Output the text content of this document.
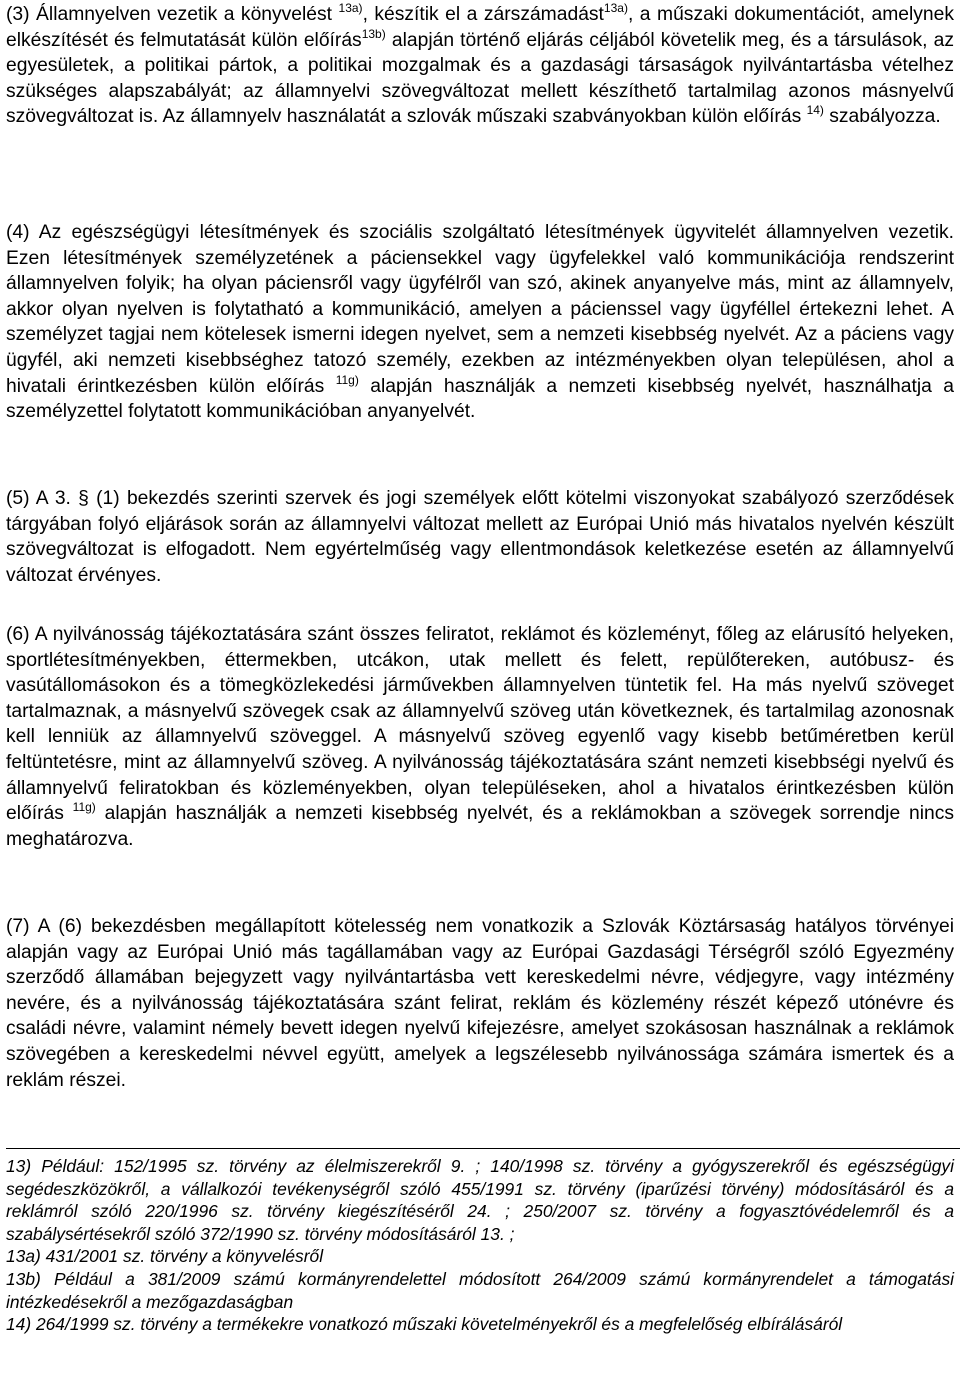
(3) Államnyelven vezetik a könyvelést $^{13a)}$, készítik el a zárszámadást$^{13a)}$, a műszaki dokumentációt, amelynek elkészítését és felmutatását külön előírás$^{13b)}$ alapján történő eljárás céljából követelik meg, és a társulások, az egyesületek, a politikai pártok, a politikai mozgalmak és a gazdasági társaságok nyilvántartásba vételhez szükséges alapszabályát; az államnyelvi szövegváltozat mellett készíthető tartalmilag azonos másnyelvű szövegváltozat is. Az államnyelv használatát a szlovák műszaki szabványokban külön előírás $^{14)}$ szabályozza.

(4) Az egészségügyi létesítmények és szociális szolgáltató létesítmények ügyvitelét államnyelven vezetik. Ezen létesítmények személyzetének a páciensekkel vagy ügyfelekkel való kommunikációja rendszerint államnyelven folyik; ha olyan páciensről vagy ügyfélről van szó, akinek anyanyelve más, mint az államnyelv, akkor olyan nyelven is folytatható a kommunikáció, amelyen a pácienssel vagy ügyféllel értekezni lehet. A személyzet tagjai nem kötelesek ismerni idegen nyelvet, sem a nemzeti kisebbség nyelvét. Az a páciens vagy ügyfél, aki nemzeti kisebbséghez tatozó személy, ezekben az intézményekben olyan településen, ahol a hivatali érintkezésben külön előírás $^{11g)}$ alapján használják a nemzeti kisebbség nyelvét, használhatja a személyzettel folytatott kommunikációban anyanyelvét.

(5) A 3. § (1) bekezdés szerinti szervek és jogi személyek előtt kötelmi viszonyokat szabályozó szerződések tárgyában folyó eljárások során az államnyelvi változat mellett az Európai Unió más hivatalos nyelvén készült szövegváltozat is elfogadott. Nem egyértelműség vagy ellentmondások keletkezése esetén az államnyelvű változat érvényes.

(6) A nyilvánosság tájékoztatására szánt összes feliratot, reklámot és közleményt, főleg az elárusító helyeken, sportlétesítményekben, éttermekben, utcákon, utak mellett és felett, repülőtereken, autóbusz- és vasútállomásokon és a tömegközlekedési járművekben államnyelven tüntetik fel. Ha más nyelvű szöveget tartalmaznak, a másnyelvű szövegek csak az államnyelvű szöveg után következnek, és tartalmilag azonosnak kell lenniük az államnyelvű szöveggel. A másnyelvű szöveg egyenlő vagy kisebb betűméretben kerül feltüntetésre, mint az államnyelvű szöveg. A nyilvánosság tájékoztatására szánt nemzeti kisebbségi nyelvű és államnyelvű feliratokban és közleményekben, olyan településeken, ahol a hivatalos érintkezésben külön előírás $^{11g)}$ alapján használják a nemzeti kisebbség nyelvét, és a reklámokban a szövegek sorrendje nincs meghatározva.

(7) A (6) bekezdésben megállapított kötelesség nem vonatkozik a Szlovák Köztársaság hatályos törvényei alapján vagy az Európai Unió más tagállamában vagy az Európai Gazdasági Térségről szóló Egyezmény szerződő államában bejegyzett vagy nyilvántartásba vett kereskedelmi névre, védjegyre, vagy intézmény nevére, és a nyilvánosság tájékoztatására szánt felirat, reklám és közlemény részét képező utónévre és családi névre, valamint némely bevett idegen nyelvű kifejezésre, amelyet szokásosan használnak a reklámok szövegében a kereskedelmi névvel együtt, amelyek a legszélesebb nyilvánossága számára ismertek és a reklám részei.

13) Például: 152/1995 sz. törvény az élelmiszerekről 9. ; 140/1998 sz. törvény a gyógyszerekről és egészségügyi segédeszközökről, a vállalkozói tevékenységről szóló 455/1991 sz. törvény (iparűzési törvény) módosításáról és a reklámról szóló 220/1996 sz. törvény kiegészítéséről 24. ; 250/2007 sz. törvény a fogyasztóvédelemről és a szabálysértésekről szóló 372/1990 sz. törvény módosításáról 13. ;

13a) 431/2001 sz. törvény a könyvelésről

13b) Például a 381/2009 számú kormányrendelettel módosított 264/2009 számú kormányrendelet a támogatási intézkedésekről a mezőgazdaságban

14) 264/1999 sz. törvény a termékekre vonatkozó műszaki követelményekről és a megfelelőség elbírálásáról
